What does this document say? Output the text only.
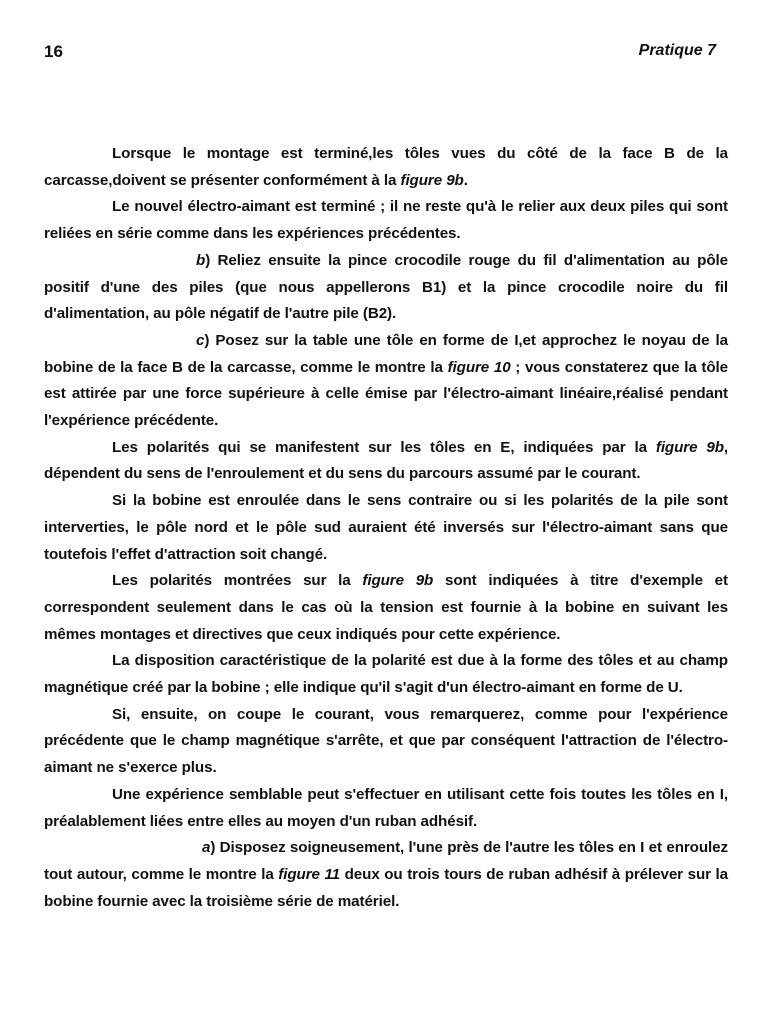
16	Pratique 7

Lorsque le montage est terminé,les tôles vues du côté de la face B de la carcasse,doivent se présenter conformément à la figure 9b.

Le nouvel électro-aimant est terminé ; il ne reste qu'à le relier aux deux piles qui sont reliées en série comme dans les expériences précédentes.

b) Reliez ensuite la pince crocodile rouge du fil d'alimentation au pôle positif d'une des piles (que nous appellerons B1) et la pince crocodile noire du fil d'alimentation, au pôle négatif de l'autre pile (B2).

c) Posez sur la table une tôle en forme de I,et approchez le noyau de la bobine de la face B de la carcasse, comme le montre la figure 10 ; vous constaterez que la tôle est attirée par une force supérieure à celle émise par l'électro-aimant linéaire,réalisé pendant l'expérience précédente.

Les polarités qui se manifestent sur les tôles en E, indiquées par la figure 9b, dépendent du sens de l'enroulement et du sens du parcours assumé par le courant.

Si la bobine est enroulée dans le sens contraire ou si les polarités de la pile sont interverties, le pôle nord et le pôle sud auraient été inversés sur l'électro-aimant sans que toutefois l'effet d'attraction soit changé.

Les polarités montrées sur la figure 9b sont indiquées à titre d'exemple et correspondent seulement dans le cas où la tension est fournie à la bobine en suivant les mêmes montages et directives que ceux indiqués pour cette expérience.

La disposition caractéristique de la polarité est due à la forme des tôles et au champ magnétique créé par la bobine ; elle indique qu'il s'agit d'un électro-aimant en forme de U.

Si, ensuite, on coupe le courant, vous remarquerez, comme pour l'expérience précédente que le champ magnétique s'arrête, et que par conséquent l'attraction de l'électro-aimant ne s'exerce plus.

Une expérience semblable peut s'effectuer en utilisant cette fois toutes les tôles en I, préalablement liées entre elles au moyen d'un ruban adhésif.

a) Disposez soigneusement, l'une près de l'autre les tôles en I et enroulez tout autour, comme le montre la figure 11 deux ou trois tours de ruban adhésif à prélever sur la bobine fournie avec la troisième série de matériel.
